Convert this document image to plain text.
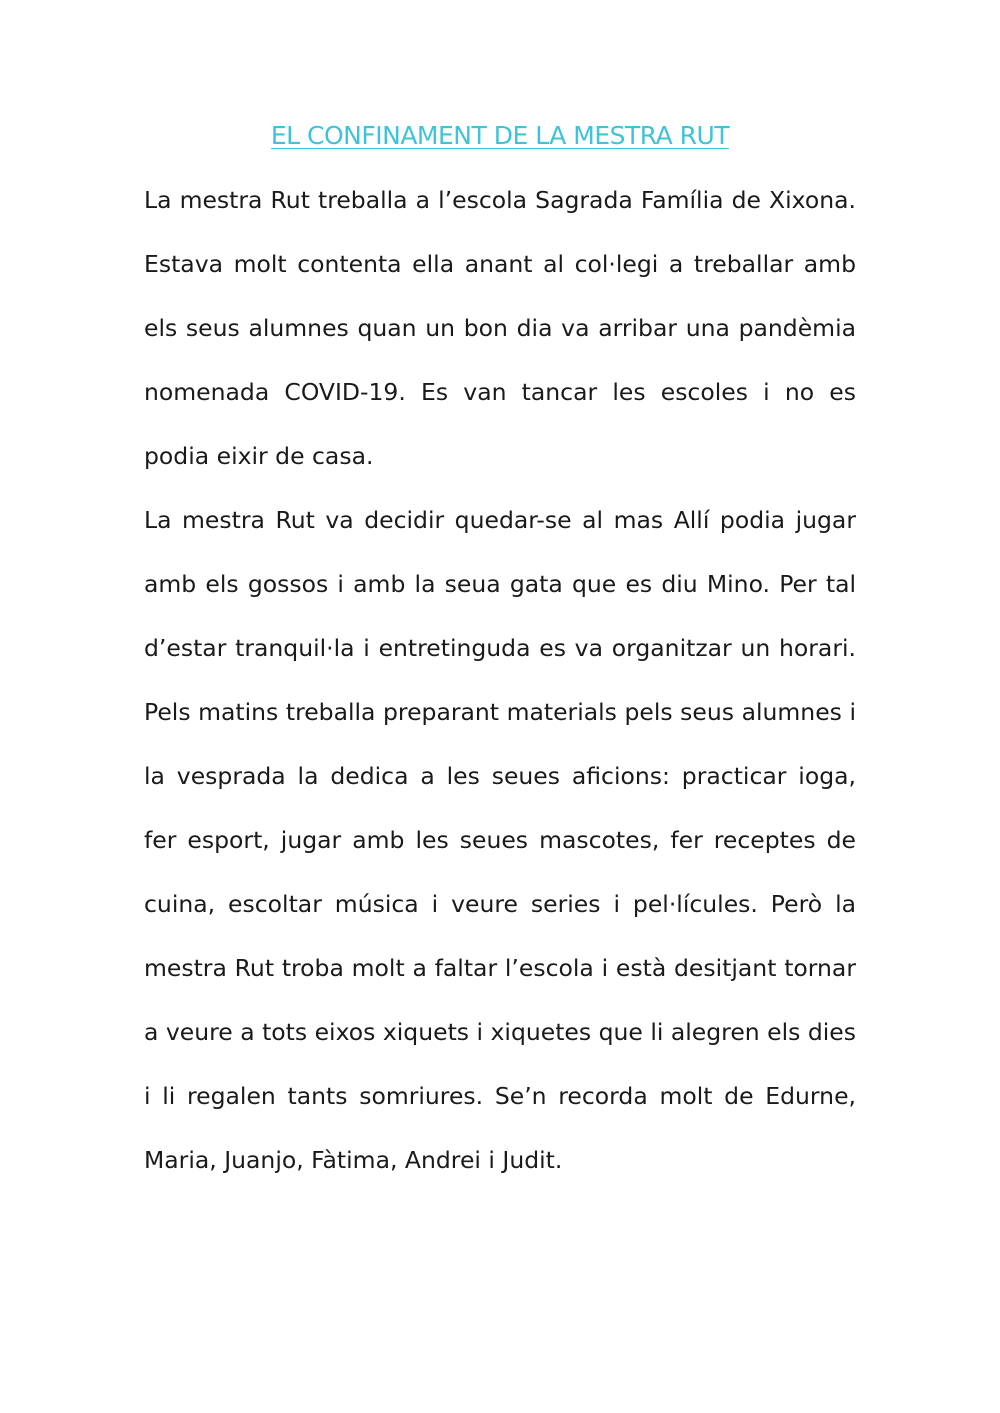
EL CONFINAMENT DE LA MESTRA RUT

La mestra Rut treballa a l’escola Sagrada Família de Xixona. Estava molt contenta ella anant al col·legi a treballar amb els seus alumnes quan un bon dia va arribar una pandèmia nomenada COVID-19. Es van tancar les escoles i no es podia eixir de casa.

La mestra Rut va decidir quedar-se al mas Allí podia jugar amb els gossos i amb la seua gata que es diu Mino. Per tal d’estar tranquil·la i entretinguda es va organitzar un horari. Pels matins treballa preparant materials pels seus alumnes i la vesprada la dedica a les seues aficions: practicar ioga, fer esport, jugar amb les seues mascotes, fer receptes de cuina, escoltar música i veure series i pel·lícules. Però la mestra Rut troba molt a faltar l’escola i està desitjant tornar a veure a tots eixos xiquets i xiquetes que li alegren els dies i li regalen tants somriures. Se’n recorda molt de Edurne, Maria, Juanjo, Fàtima, Andrei i Judit.
